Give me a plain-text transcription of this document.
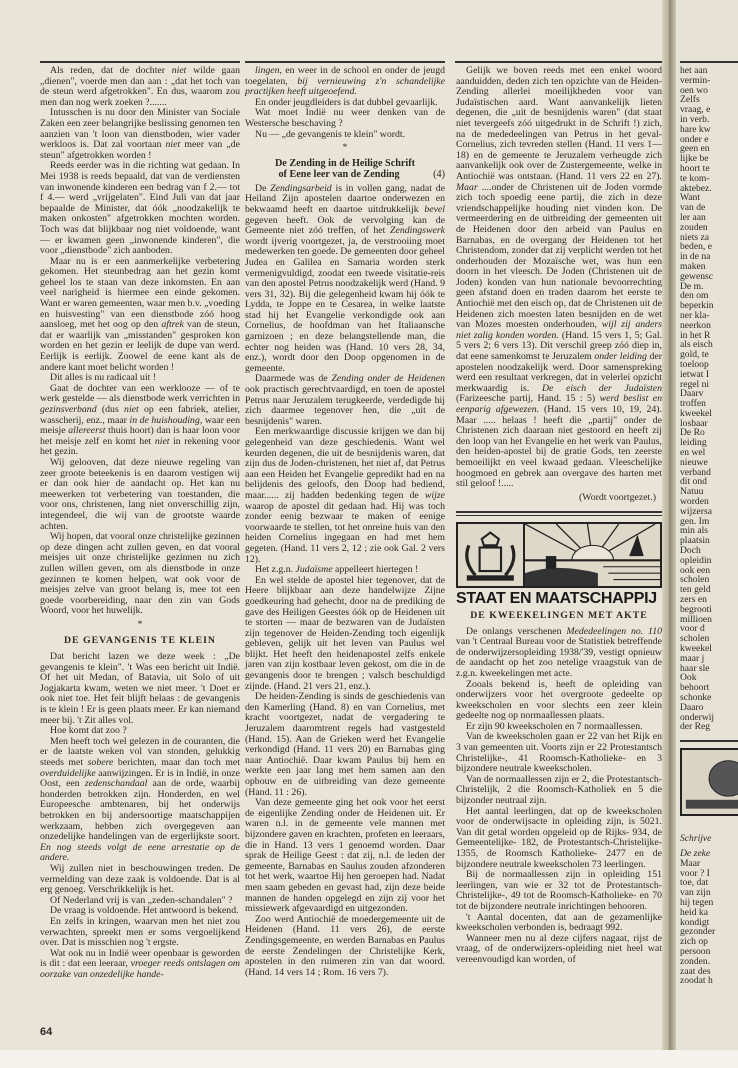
Als reden, dat de dochter niet wilde gaan „dienen", voerde men dan aan : „dat het toch van de steun werd afgetrokken". En dus, waarom zou men dan nog werk zoeken ?.......

Intusschen is nu door den Minister van Sociale Zaken een zeer belangrijke beslissing genomen ten aanzien van 't loon van dienstboden, wier vader werkloos is. Dat zal voortaan niet meer van „de steun" afgetrokken worden !

Reeds eerder was in die richting wat gedaan. In Mei 1938 is reeds bepaald, dat van de verdiensten van inwonende kinderen een bedrag van f 2.— tot f 4.— werd „vrijgelaten". Eind Juli van dat jaar bepaalde de Minister, dat óók „noodzakelijk te maken onkosten" afgetrokken mochten worden. Toch was dat blijkbaar nog niet voldoende, want — er kwamen geen „inwonende kinderen", die voor „dienstbode" zich aanboden.

Maar nu is er een aanmerkelijke verbetering gekomen. Het steunbedrag aan het gezin komt geheel los te staan van deze inkomsten. En aan veel narigheid is hiermee een einde gekomen. Want er waren gemeenten, waar men b.v. „voeding en huisvesting" van een dienstbode zóó hoog aansloeg, met het oog op den aftrek van de steun, dat er waarlijk van „misstanden" gesproken kon worden en het gezin er leelijk de dupe van werd. Eerlijk is eerlijk. Zoowel de eene kant als de andere kant moet belicht worden !

Dit alles is nu radicaal uit !

Gaat de dochter van een werklooze — of te werk gestelde — als dienstbode werk verrichten in gezinsverband (dus niet op een fabriek, atelier, wasscherij, enz., maar in de huishouding, waar een meisje allereerst thuis hoort) dan is haar loon voor het meisje zelf en komt het niet in rekening voor het gezin.

Wij gelooven, dat deze nieuwe regeling van zeer groote beteekenis is en daarom vestigen wij er dan ook hier de aandacht op. Het kan nu meewerken tot verbetering van toestanden, die voor ons, christenen, lang niet onverschillig zijn, integendeel, die wij van de grootste waarde achten.

Wij hopen, dat vooral onze christelijke gezinnen op deze dingen acht zullen geven, en dat vooral meisjes uit onze christelijke gezinnen nu zich zullen willen geven, om als dienstbode in onze gezinnen te komen helpen, wat ook voor de meisjes zelve van groot belang is, mee tot een goede voorbereiding, naar den zin van Gods Woord, voor het huwelijk.

*
DE GEVANGENIS TE KLEIN

Dat bericht lazen we deze week : „De gevangenis te klein". 't Was een bericht uit Indië. Of het uit Medan, of Batavia, uit Solo of uit Jogjakarta kwam, weten we niet meer. 't Doet er ook niet toe. Het feit blijft helaas : de gevangenis is te klein ! Er is geen plaats meer. Er kan niemand meer bij. 't Zit alles vol.

Hoe komt dat zoo ?

Men heeft toch wel gelezen in de couranten, die er de laatste weken vol van stonden, gelukkig steeds met sobere berichten, maar dan toch met overduidelijke aanwijzingen. Er is in Indië, in onze Oost, een zedenschandaal aan de orde, waarbij honderden betrokken zijn. Honderden, en wel Europeesche ambtenaren, bij het onderwijs betrokken en bij andersoortige maatschappijen werkzaam, hebben zich overgegeven aan onzedelijke handelingen van de ergerlijkste soort. En nog steeds volgt de eene arrestatie op de andere.

Wij zullen niet in beschouwingen treden. De vermelding van deze zaak is voldoende. Dat is al erg genoeg. Verschrikkelijk is het.

Of Nederland vrij is van „zeden-schandalen" ?

De vraag is voldoende. Het antwoord is bekend.

En zelfs in kringen, waarvan men het niet zou verwachten, spreekt men er soms vergoelijkend over. Dat is misschien nog 't ergste.

Wat ook nu in Indië weer openbaar is geworden is dit : dat een leeraar, vroeger reeds ontslagen om oorzake van onzedelijke hande-

lingen, en weer in de school en onder de jeugd toegelaten, bij vernieuwing z'n schandelijke practijken heeft uitgeoefend.

En onder jeugdleiders is dat dubbel gevaarlijk.

Wat moet Indië nu weer denken van de Westersche beschaving ?

Nu — „de gevangenis te klein" wordt.

*
De Zending in de Heilige Schrift
of Eene leer van de Zending	(4)

De Zendingsarbeid is in vollen gang, nadat de Heiland Zijn apostelen daartoe onderwezen en bekwaamd heeft en daartoe uitdrukkelijk bevel gegeven heeft. Ook de vervolging kan de Gemeente niet zóó treffen, of het Zendingswerk wordt ijverig voortgezet, ja, de verstrooiing moet medewerken ten goede. De gemeenten door geheel Judea en Galilea en Samaria worden sterk vermenigvuldigd, zoodat een tweede visitatie-reis van den apostel Petrus noodzakelijk werd (Hand. 9 vers 31, 32). Bij die gelegenheid kwam hij óók te Lydda, te Joppe en te Cesarea, in welke laatste stad hij het Evangelie verkondigde ook aan Cornelius, de hoofdman van het Italiaansche garnizoen ; en deze belangstellende man, die echter nog heiden was (Hand. 10 vers 28, 34, enz.), wordt door den Doop opgenomen in de gemeente.

Daarmede was de Zending onder de Heidenen ook practisch gerechtvaardigd, en toen de apostel Petrus naar Jeruzalem terugkeerde, verdedigde hij zich daarmee tegenover hen, die „uit de besnijdenis" waren.

Een merkwaardige discussie krijgen we dan bij gelegenheid van deze geschiedenis. Want wel keurden degenen, die uit de besnijdenis waren, dat zijn dus de Joden-christenen, het niet af, dat Petrus aan een Heiden het Evangelie gepredikt had en na belijdenis des geloofs, den Doop had bediend, maar...... zij hadden bedenking tegen de wijze waarop de apostel dit gedaan had. Hij was toch zonder eenig bezwaar te maken of eenige voorwaarde te stellen, tot het onreine huis van den heiden Cornelius ingegaan en had met hem gegeten. (Hand. 11 vers 2, 12 ; zie ook Gal. 2 vers 12).

Het z.g.n. Judaïsme appelleert hiertegen !

En wel stelde de apostel hier tegenover, dat de Heere blijkbaar aan deze handelwijze Zijne goedkeuring had gehecht, door na de prediking de gave des Heiligen Geestes óók op de Heidenen uit te storten — maar de bezwaren van de Judaïsten zijn tegenover de Heiden-Zending toch eigenlijk gebleven, gelijk uit het leven van Paulus wel blijkt. Het heeft den heidenapostel zelfs enkele jaren van zijn kostbaar leven gekost, om die in de gevangenis door te brengen ; valsch beschuldigd zijnde. (Hand. 21 vers 21, enz.).

De heiden-Zending is sinds de geschiedenis van den Kamerling (Hand. 8) en van Cornelius, met kracht voortgezet, nadat de vergadering te Jeruzalem daaromtrent regels had vastgesteld (Hand. 15). Aan de Grieken werd het Evangelie verkondigd (Hand. 11 vers 20) en Barnabas ging naar Antiochië. Daar kwam Paulus bij hem en werkte een jaar lang met hem samen aan den opbouw en de uitbreiding van deze gemeente (Hand. 11 : 26).

Van deze gemeente ging het ook voor het eerst de eigenlijke Zending onder de Heidenen uit. Er waren n.l. in de gemeente vele mannen met bijzondere gaven en krachten, profeten en leeraars, die in Hand. 13 vers 1 genoemd worden. Daar sprak de Heilige Geest : dat zij, n.l. de leden der gemeente, Barnabas en Saulus zouden afzonderen tot het werk, waartoe Hij hen geroepen had. Nadat men saam gebeden en gevast had, zijn deze beide mannen de handen opgelegd en zijn zij voor het missiewerk afgevaardigd en uitgezonden.

Zoo werd Antiochië de moedergemeente uit de Heidenen (Hand. 11 vers 26), de eerste Zendingsgemeente, en werden Barnabas en Paulus de eerste Zendelingen der Christelijke Kerk, apostelen in den ruimeren zin van dat woord. (Hand. 14 vers 14 ; Rom. 16 vers 7).

Gelijk we boven reeds met een enkel woord aanduidden, deden zich ten opzichte van de Heiden-Zending allerlei moeilijkheden voor van Judaïstischen aard. Want aanvankelijk lieten degenen, die „uit de besnijdenis waren" (dat staat niet tevergeefs zóó uitgedrukt in de Schrift !) zich, na de mededeelingen van Petrus in het geval-Cornelius, zich tevreden stellen (Hand. 11 vers 1—18) en de gemeente te Jeruzalem verheugde zich aanvankelijk ook over de Zustergemeente, welke in Antiochië was ontstaan. (Hand. 11 vers 22 en 27). Maar ....onder de Christenen uit de Joden vormde zich toch spoedig eene partij, die zich in deze vriendschappelijke houding niet vinden kon. De vermeerdering en de uitbreiding der gemeenten uit de Heidenen door den arbeid van Paulus en Barnabas, en de overgang der Heidenen tot het Christendom, zonder dat zij verplicht werden tot het onderhouden der Mozaïsche wet, was hun een doorn in het vleesch. De Joden (Christenen uit de Joden) konden van hun nationale bevoorrechting geen afstand doen en traden daarom het eerste te Antiochië met den eisch op, dat de Christenen uit de Heidenen zich moesten laten besnijden en de wet van Mozes moesten onderhouden, wijl zij anders niet zalig konden worden. (Hand. 15 vers 1, 5; Gal. 5 vers 2; 6 vers 13). Dit verschil greep zóó diep in, dat eene samenkomst te Jeruzalem onder leiding der apostelen noodzakelijk werd. Door samenspreking werd een resultaat verkregen, dat in velerlei opzicht merkwaardig is. De eisch der Judaïsten (Farizeesche partij, Hand. 15 : 5) werd beslist en eenparig afgewezen. (Hand. 15 vers 10, 19, 24). Maar ..... helaas ! heeft die „partij" onder de Christenen zich daaraan niet gestoord en heeft zij den loop van het Evangelie en het werk van Paulus, den heiden-apostel bij de gratie Gods, ten zeerste bemoeilijkt en veel kwaad gedaan. Vleeschelijke hoogmoed en gebrek aan overgave des harten met stil geloof !.....

(Wordt voortgezet.)
STAAT EN MAATSCHAPPIJ
DE KWEEKELINGEN MET AKTE

De onlangs verschenen Mededeelingen no. 110 van 't Centraal Bureau voor de Statistiek betreffende de onderwijzersopleiding 1938/'39, vestigt opnieuw de aandacht op het zoo netelige vraagstuk van de z.g.n. kweekelingen met acte.

Zooals bekend is, heeft de opleiding van onderwijzers voor het overgroote gedeelte op kweekscholen en voor slechts een zeer klein gedeelte nog op normaallessen plaats.

Er zijn 90 kweekscholen en 7 normaallessen.

Van de kweekscholen gaan er 22 van het Rijk en 3 van gemeenten uit. Voorts zijn er 22 Protestantsch Christelijke-, 41 Roomsch-Katholieke- en 3 bijzondere neutrale kweekscholen.

Van de normaallessen zijn er 2, die Protestantsch-Christelijk, 2 die Roomsch-Katholiek en 5 die bijzonder neutraal zijn.

Het aantal leerlingen, dat op de kweekscholen voor de onderwijsacte in opleiding zijn, is 5021. Van dit getal worden opgeleid op de Rijks- 934, de Gemeentelijke- 182, de Protestantsch-Christelijke- 1355, de Roomsch Katholieke- 2477 en de bijzondere neutrale kweekscholen 73 leerlingen.

Bij de normaallessen zijn in opleiding 151 leerlingen, van wie er 32 tot de Protestantsch-Christelijke-, 49 tot de Roomsch-Katholieke- en 70 tot de bijzondere neutrale inrichtingen behooren.

't Aantal docenten, dat aan de gezamenlijke kweekscholen verbonden is, bedraagt 992.

Wanneer men nu al deze cijfers nagaat, rijst de vraag, of de onderwijzers-opleiding niet heel wat vereenvoudigd kan worden, of

het aan
vermin-
oen wo
Zelfs
vraag, e
in verb.
hare kw
onder e
geen en
lijke be
hoort te
te kom-
aktebez.
Want
van de
ler aan
zouden
niets za
beden, e
in de na
maken
gewensc
De m.
den om
beperkin
ner kla-
neerkon
in het R
als eisch
gold, te
toeloop
ietwat I
regel ni
Daarv
troffen
kweekel
losbaar
De Ro
leiding
en wel
nieuwe
verband
dit ond
Natuu
worden
wijzersa
gen. Im
min als
plaatsin
Doch
opleidin
ook een
scholen
ten geld
zers en
begrooti
millioen
voor d
scholen
kweekel
maar j
haar sle
Ook
behoort
schonke
Daaro
onderwij
der Reg
Schrijve
De zeke
Maar
voor ? I
toe, dat
van zijn
hij tegen
heid ka
kondigt
gezonder
zich op
persoon
zonden.
zaat des
zoodat h
64
